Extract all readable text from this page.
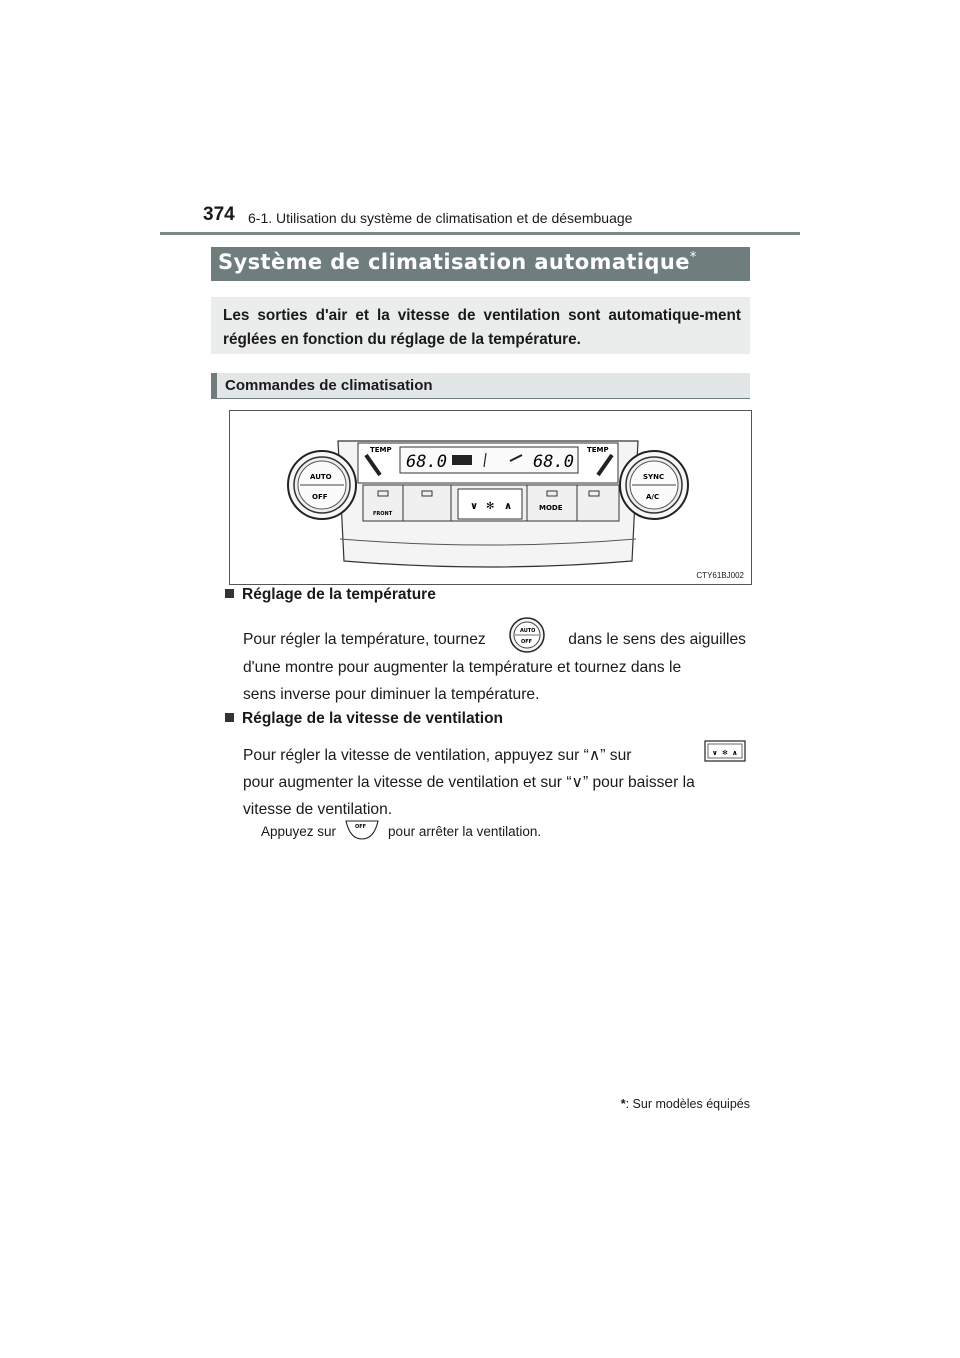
374 6-1. Utilisation du système de climatisation et de désembuage
Système de climatisation automatique*
Les sorties d'air et la vitesse de ventilation sont automatique-ment réglées en fonction du réglage de la température.
Commandes de climatisation
TEMP	TEMP
68.0	68.0
FRONT
∨ ✻ ∧	MODE
AUTO
OFF
SYNC
A/C
CTY61BJ002
Réglage de la température
Pour régler la température, tournez	AUTO
OFF dans le sens des aiguilles
d'une montre pour augmenter la température et tournez dans le
sens inverse pour diminuer la température.
Réglage de la vitesse de ventilation
Pour régler la vitesse de ventilation, appuyez sur “∧” sur	∨ ✻ ∧
pour augmenter la vitesse de ventilation et sur “∨” pour baisser la
vitesse de ventilation.
Appuyez sur	OFF pour arrêter la ventilation.
*: Sur modèles équipés
